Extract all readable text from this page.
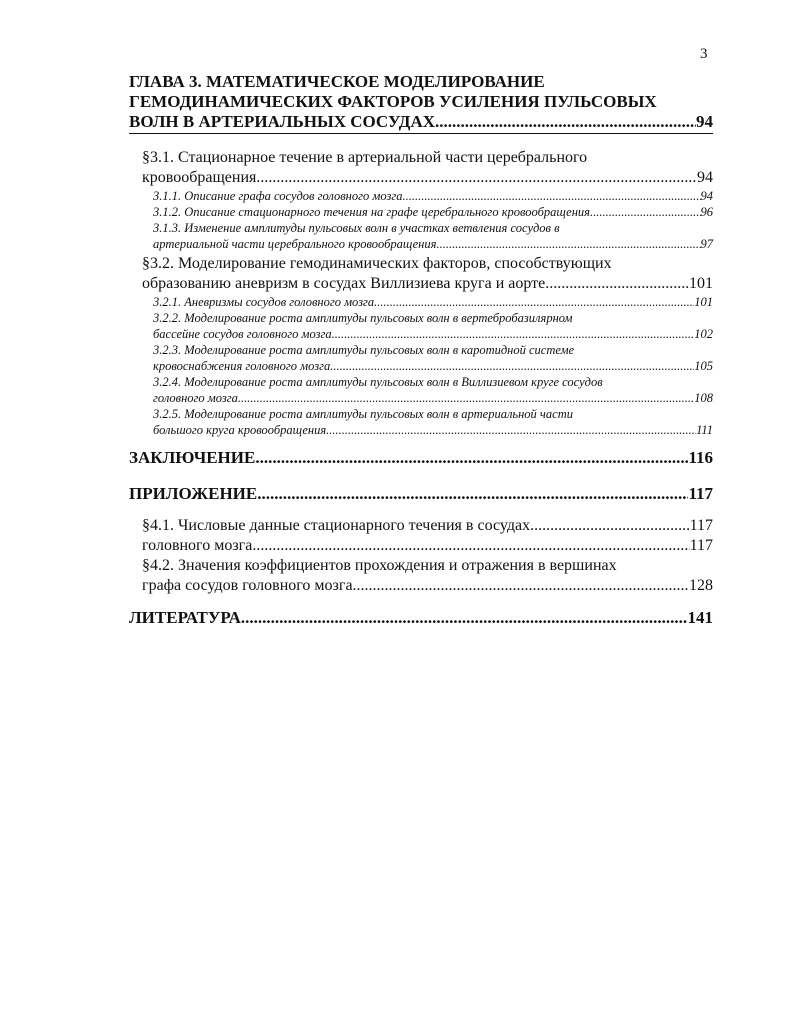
3
ГЛАВА 3. МАТЕМАТИЧЕСКОЕ МОДЕЛИРОВАНИЕ
ГЕМОДИНАМИЧЕСКИХ ФАКТОРОВ УСИЛЕНИЯ ПУЛЬСОВЫХ
ВОЛН В АРТЕРИАЛЬНЫХ СОСУДАХ. .....	94
§3.1. Стационарное течение в артериальной части церебрального
кровообращения. .....	94
3.1.1. Описание графа сосудов головного мозга. .....	94
3.1.2. Описание стационарного течения на графе церебрального кровообращения. .....	96
3.1.3. Изменение амплитуды пульсовых волн в участках ветвления сосудов в
артериальной части церебрального кровообращения. .....	97
§3.2. Моделирование гемодинамических факторов, способствующих
образованию аневризм в сосудах Виллизиева круга и аорте .....	101
3.2.1. Аневризмы сосудов головного мозга. .....	101
3.2.2. Моделирование роста амплитуды пульсовых волн в вертебробазилярном
бассейне сосудов головного мозга. .....	102
3.2.3. Моделирование роста амплитуды пульсовых волн в каротидной системе
кровоснабжения головного мозга. .....	105
3.2.4. Моделирование роста амплитуды пульсовых волн в Виллизиевом круге сосудов
головного мозга. .....	108
3.2.5. Моделирование роста амплитуды пульсовых волн в артериальной части
большого круга кровообращения. .....	111
ЗАКЛЮЧЕНИЕ. .....	116
ПРИЛОЖЕНИЕ. .....	117
§4.1. Числовые данные стационарного течения в сосудах .....	117
головного мозга .....	117
§4.2. Значения коэффициентов прохождения и отражения в вершинах
графа сосудов головного мозга. .....	128
ЛИТЕРАТУРА. .....	141
